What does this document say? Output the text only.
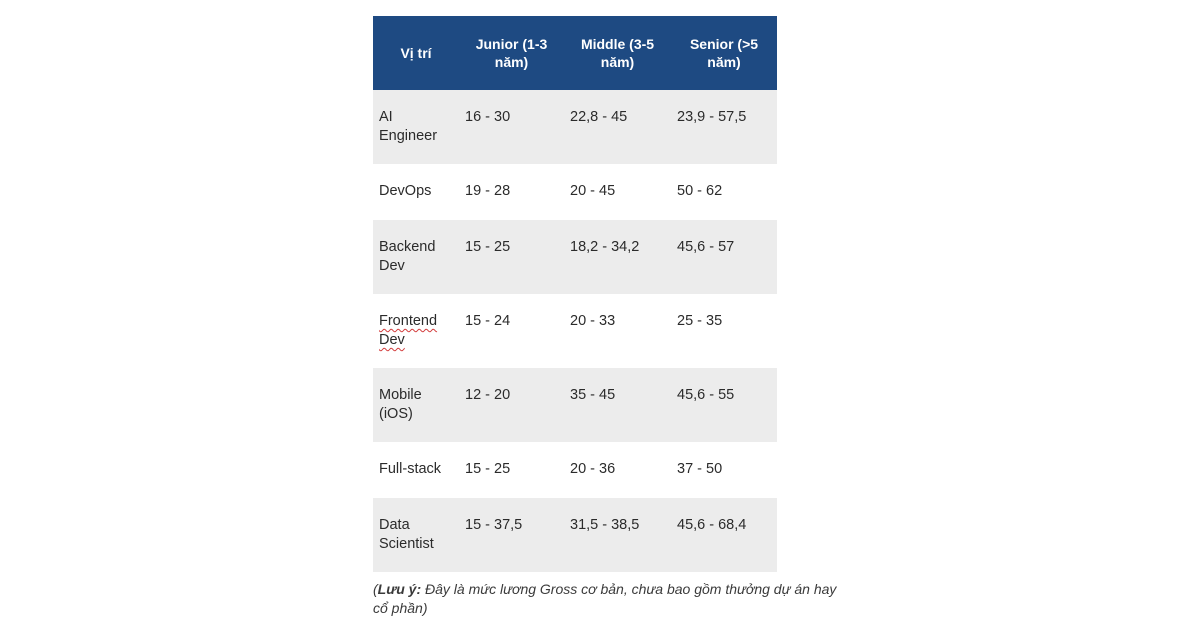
Vị trí	Junior (1-3 năm)	Middle (3-5 năm)	Senior (>5 năm)
AI Engineer	16 - 30	22,8 - 45	23,9 - 57,5
DevOps	19 - 28	20 - 45	50 - 62
Backend Dev	15 - 25	18,2 - 34,2	45,6 - 57
Frontend Dev	15 - 24	20 - 33	25 - 35
Mobile (iOS)	12 - 20	35 - 45	45,6 - 55
Full-stack	15 - 25	20 - 36	37 - 50
Data Scientist	15 - 37,5	31,5 - 38,5	45,6 - 68,4
(Lưu ý: Đây là mức lương Gross cơ bản, chưa bao gồm thưởng dự án hay cổ phần)
